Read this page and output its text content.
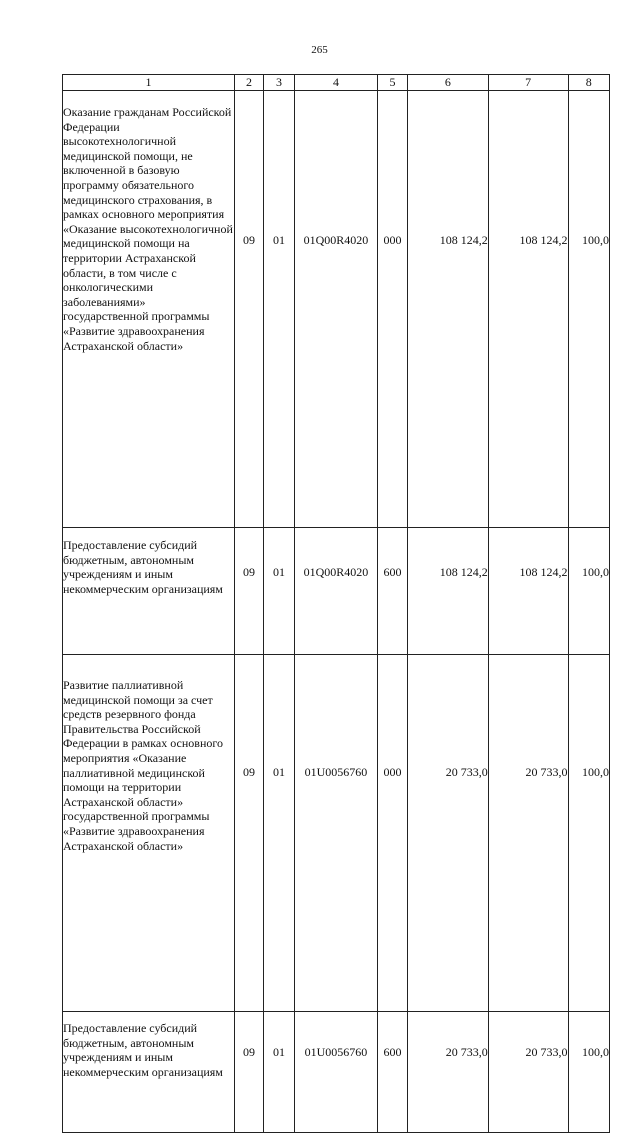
265
1	2	3	4	5	6	7	8
Оказание гражданам Российской Федерации высокотехнологичной медицинской помощи, не включенной в базовую программу обязательного медицинского страхования, в рамках основного мероприятия «Оказание высокотехнологичной медицинской помощи на территории Астраханской области, в том числе с онкологическими заболеваниями» государственной программы «Развитие здравоохранения Астраханской области»	09	01	01Q00R4020	000	108 124,2	108 124,2	100,0
Предоставление субсидий бюджетным, автономным учреждениям и иным некоммерческим организациям	09	01	01Q00R4020	600	108 124,2	108 124,2	100,0
Развитие паллиативной медицинской помощи за счет средств резервного фонда Правительства Российской Федерации в рамках основного мероприятия «Оказание паллиативной медицинской помощи на территории Астраханской области» государственной программы «Развитие здравоохранения Астраханской области»	09	01	01U0056760	000	20 733,0	20 733,0	100,0
Предоставление субсидий бюджетным, автономным учреждениям и иным некоммерческим организациям	09	01	01U0056760	600	20 733,0	20 733,0	100,0
